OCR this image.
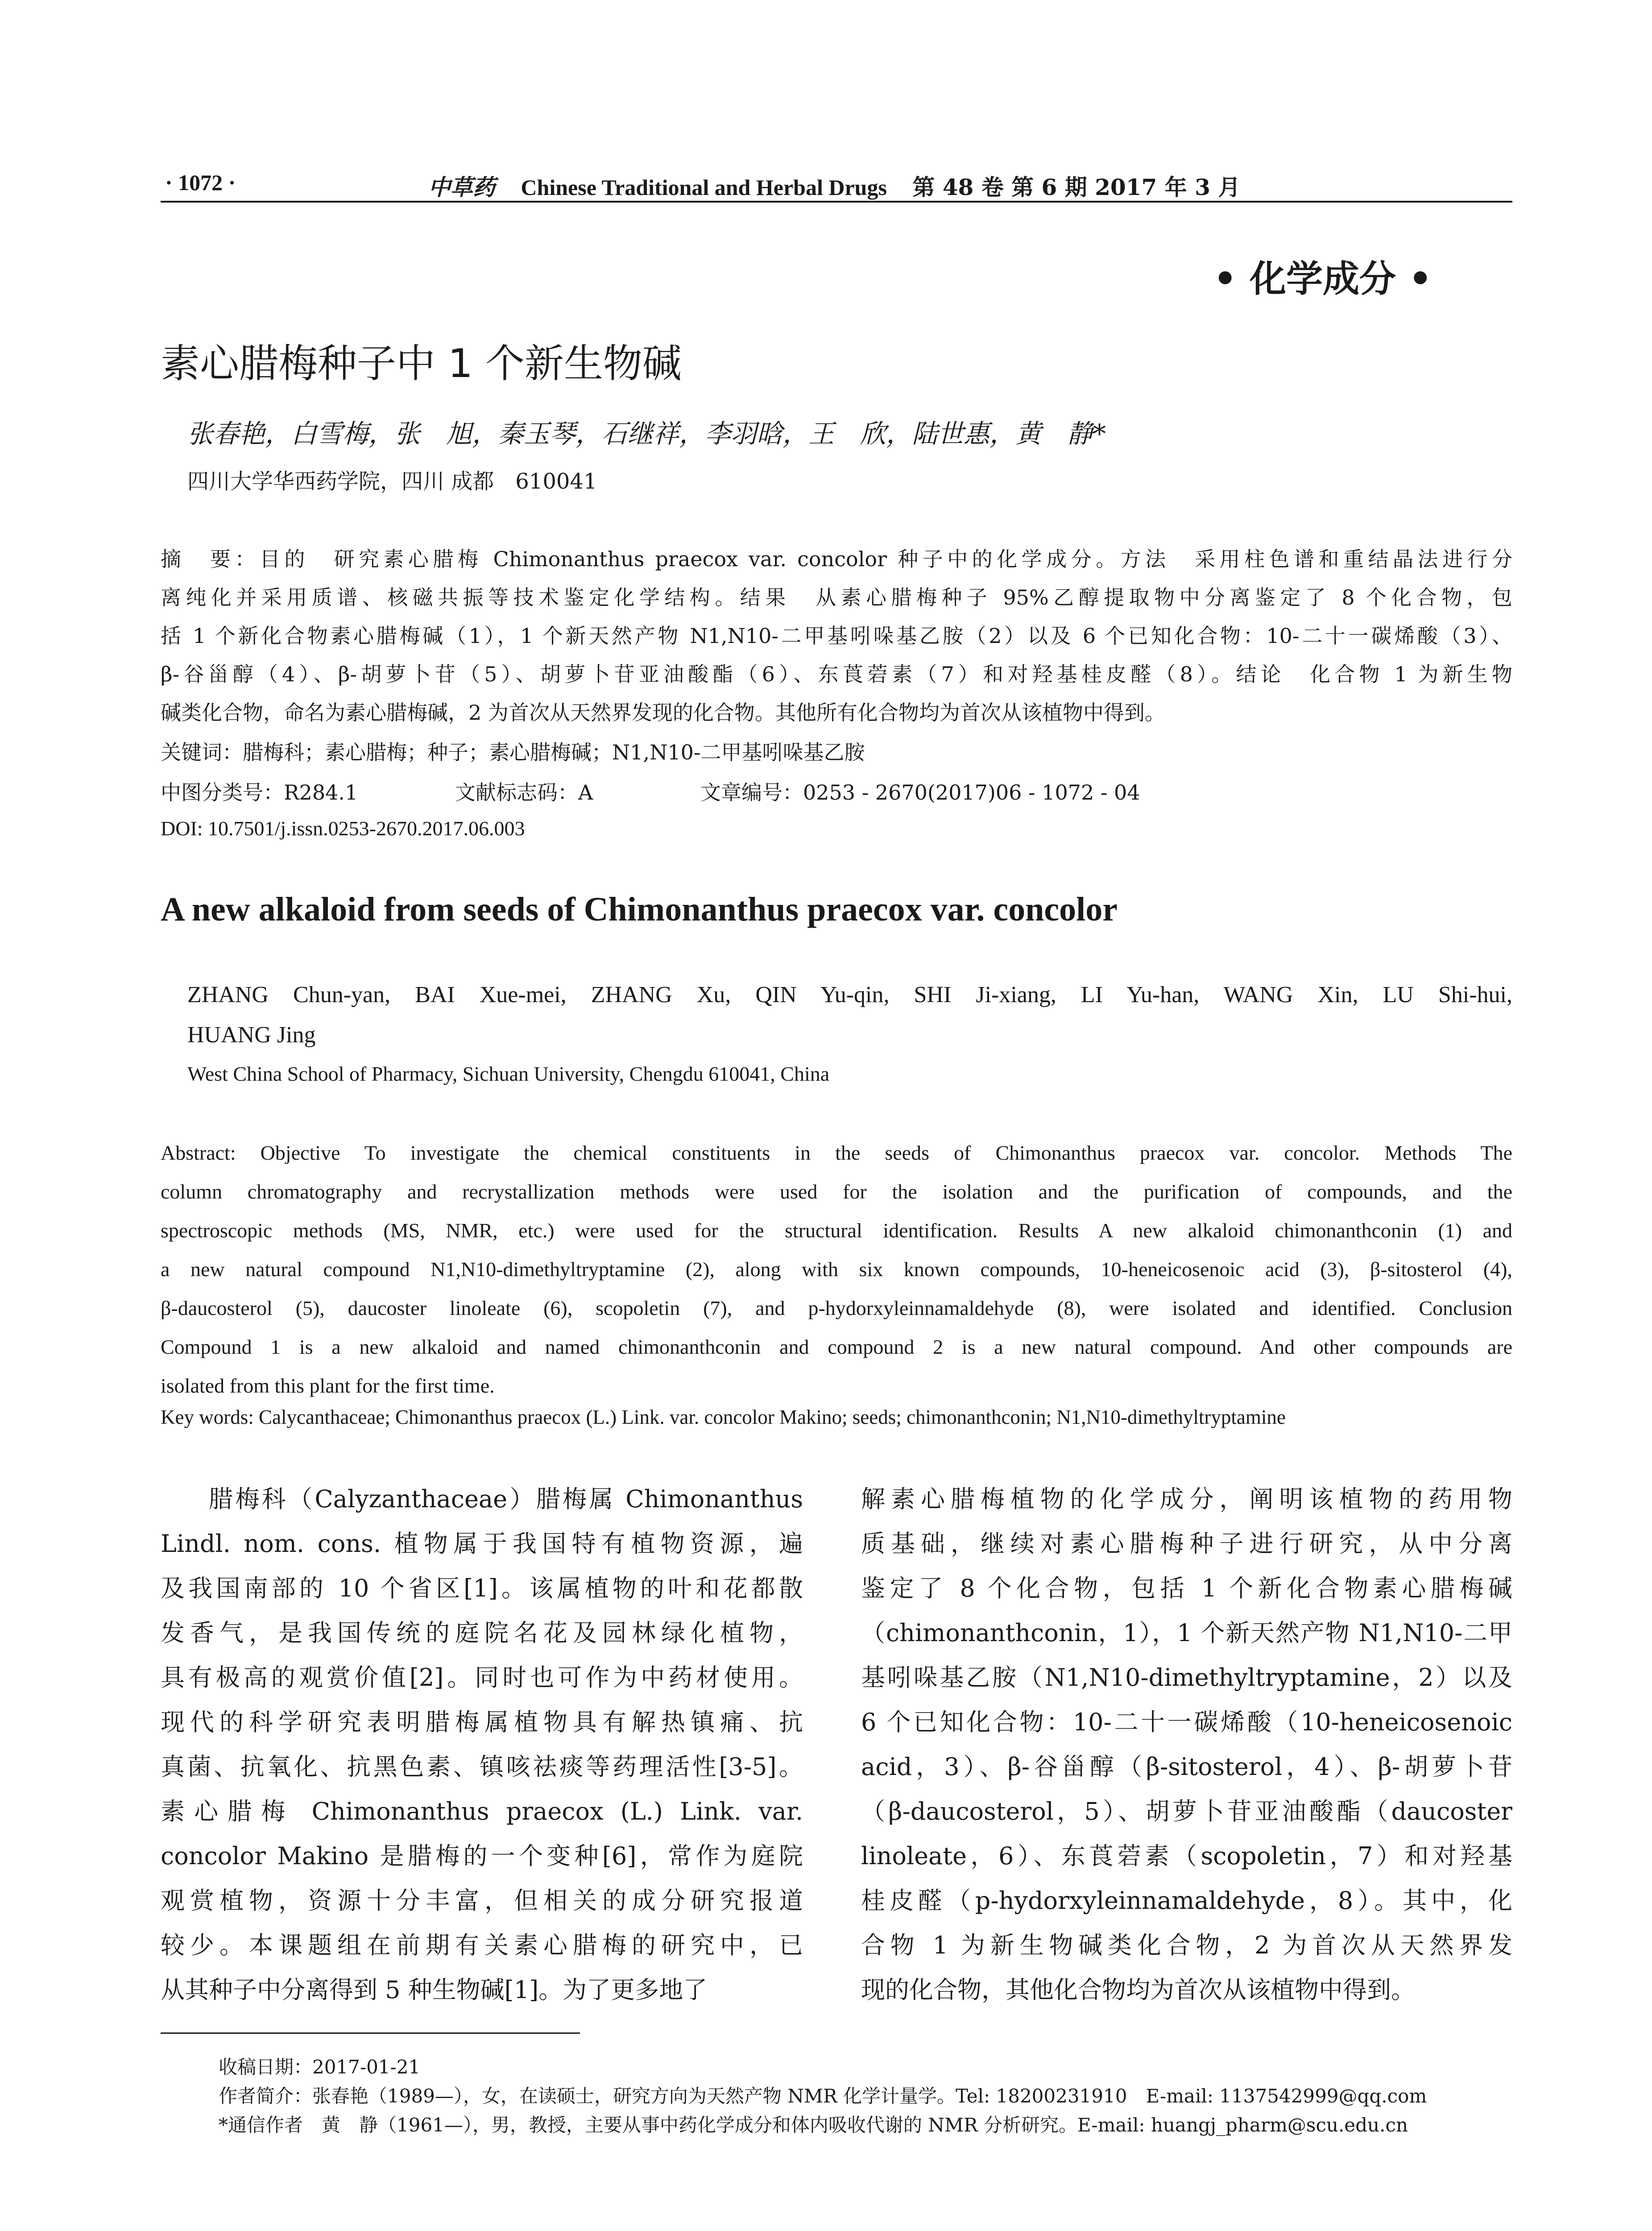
· 1072 ·	中草药 Chinese Traditional and Herbal Drugs 第 48 卷 第 6 期 2017 年 3 月
• 化学成分 •
素心腊梅种子中 1 个新生物碱
张春艳，白雪梅，张　旭，秦玉琴，石继祥，李羽晗，王　欣，陆世惠，黄　静*
四川大学华西药学院，四川 成都　610041
摘　要：目的　研究素心腊梅 Chimonanthus praecox var. concolor 种子中的化学成分。方法　采用柱色谱和重结晶法进行分
离纯化并采用质谱、核磁共振等技术鉴定化学结构。结果　从素心腊梅种子 95%乙醇提取物中分离鉴定了 8 个化合物，包
括 1 个新化合物素心腊梅碱（1），1 个新天然产物 N1,N10-二甲基吲哚基乙胺（2）以及 6 个已知化合物：10-二十一碳烯酸（3）、
β-谷甾醇（4）、β-胡萝卜苷（5）、胡萝卜苷亚油酸酯（6）、东莨菪素（7）和对羟基桂皮醛（8）。结论　化合物 1 为新生物
碱类化合物，命名为素心腊梅碱，2 为首次从天然界发现的化合物。其他所有化合物均为首次从该植物中得到。
关键词：腊梅科；素心腊梅；种子；素心腊梅碱；N1,N10-二甲基吲哚基乙胺
中图分类号：R284.1	文献标志码：A	文章编号：0253 - 2670(2017)06 - 1072 - 04
DOI: 10.7501/j.issn.0253-2670.2017.06.003
A new alkaloid from seeds of Chimonanthus praecox var. concolor
ZHANG Chun-yan, BAI Xue-mei, ZHANG Xu, QIN Yu-qin, SHI Ji-xiang, LI Yu-han, WANG Xin, LU Shi-hui,
HUANG Jing
West China School of Pharmacy, Sichuan University, Chengdu 610041, China
Abstract: Objective To investigate the chemical constituents in the seeds of Chimonanthus praecox var. concolor. Methods The
column chromatography and recrystallization methods were used for the isolation and the purification of compounds, and the
spectroscopic methods (MS, NMR, etc.) were used for the structural identification. Results A new alkaloid chimonanthconin (1) and
a new natural compound N1,N10-dimethyltryptamine (2), along with six known compounds, 10-heneicosenoic acid (3), β-sitosterol (4),
β-daucosterol (5), daucoster linoleate (6), scopoletin (7), and p-hydorxyleinnamaldehyde (8), were isolated and identified. Conclusion
Compound 1 is a new alkaloid and named chimonanthconin and compound 2 is a new natural compound. And other compounds are
isolated from this plant for the first time.
Key words: Calycanthaceae; Chimonanthus praecox (L.) Link. var. concolor Makino; seeds; chimonanthconin; N1,N10-dimethyltryptamine
腊梅科（Calyzanthaceae）腊梅属 Chimonanthus
Lindl. nom. cons. 植物属于我国特有植物资源，遍
及我国南部的 10 个省区[1]。该属植物的叶和花都散
发香气，是我国传统的庭院名花及园林绿化植物，
具有极高的观赏价值[2]。同时也可作为中药材使用。
现代的科学研究表明腊梅属植物具有解热镇痛、抗
真菌、抗氧化、抗黑色素、镇咳祛痰等药理活性[3-5]。
素心腊梅 Chimonanthus praecox (L.) Link. var.
concolor Makino 是腊梅的一个变种[6]，常作为庭院
观赏植物，资源十分丰富，但相关的成分研究报道
较少。本课题组在前期有关素心腊梅的研究中，已
从其种子中分离得到 5 种生物碱[1]。为了更多地了
解素心腊梅植物的化学成分，阐明该植物的药用物
质基础，继续对素心腊梅种子进行研究，从中分离
鉴定了 8 个化合物，包括 1 个新化合物素心腊梅碱
（chimonanthconin，1），1 个新天然产物 N1,N10-二甲
基吲哚基乙胺（N1,N10-dimethyltryptamine，2）以及
6 个已知化合物：10-二十一碳烯酸（10-heneicosenoic
acid，3）、β-谷甾醇（β-sitosterol，4）、β-胡萝卜苷
（β-daucosterol，5）、胡萝卜苷亚油酸酯（daucoster
linoleate，6）、东莨菪素（scopoletin，7）和对羟基
桂皮醛（p-hydorxyleinnamaldehyde，8）。其中，化
合物 1 为新生物碱类化合物，2 为首次从天然界发
现的化合物，其他化合物均为首次从该植物中得到。
收稿日期：2017-01-21
作者简介：张春艳（1989—），女，在读硕士，研究方向为天然产物 NMR 化学计量学。Tel: 18200231910　E-mail: 1137542999@qq.com
*通信作者　黄　静（1961—），男，教授，主要从事中药化学成分和体内吸收代谢的 NMR 分析研究。E-mail: huangj_pharm@scu.edu.cn
